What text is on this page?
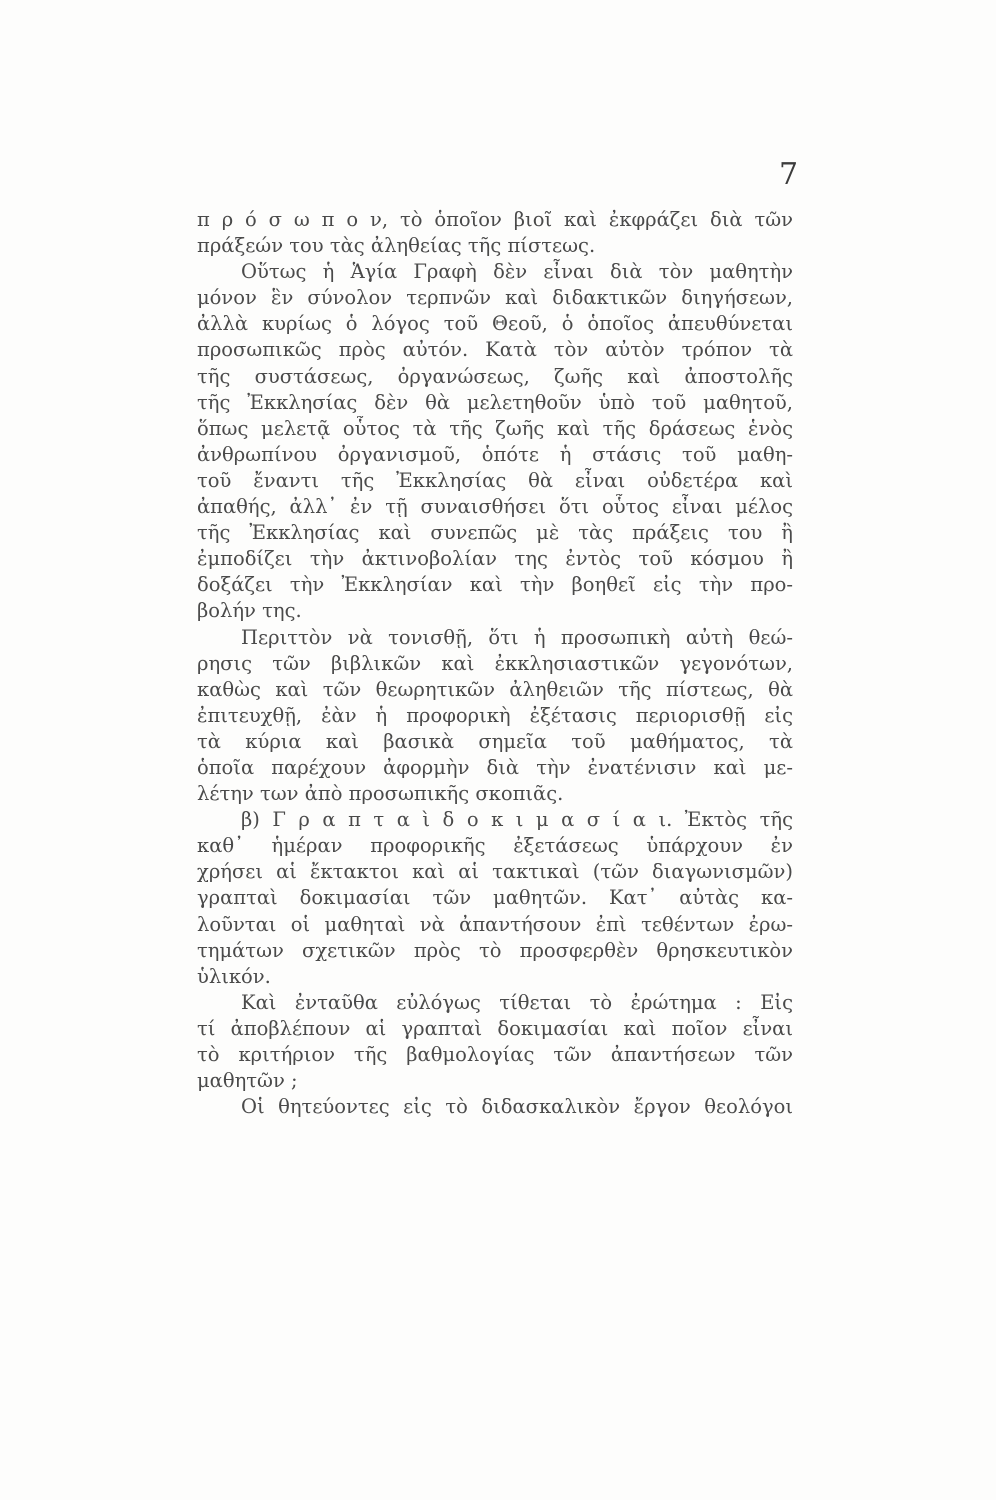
7
π ρ ό σ ω π ο ν, τὸ ὁποῖον βιοῖ καὶ ἐκφράζει διὰ τῶν
πράξεών του τὰς ἀληθείας τῆς πίστεως.
Οὕτως ἡ Ἁγία Γραφὴ δὲν εἶναι διὰ τὸν μαθητὴν
μόνον ἓν σύνολον τερπνῶν καὶ διδακτικῶν διηγήσεων,
ἀλλὰ κυρίως ὁ λόγος τοῦ Θεοῦ, ὁ ὁποῖος ἀπευθύνεται
προσωπικῶς πρὸς αὐτόν. Κατὰ τὸν αὐτὸν τρόπον τὰ
τῆς συστάσεως, ὀργανώσεως, ζωῆς καὶ ἀποστολῆς
τῆς Ἐκκλησίας δὲν θὰ μελετηθοῦν ὑπὸ τοῦ μαθητοῦ,
ὅπως μελετᾷ οὗτος τὰ τῆς ζωῆς καὶ τῆς δράσεως ἑνὸς
ἀνθρωπίνου ὀργανισμοῦ, ὁπότε ἡ στάσις τοῦ μαθη-
τοῦ ἔναντι τῆς Ἐκκλησίας θὰ εἶναι οὐδετέρα καὶ
ἀπαθής, ἀλλ᾽ ἐν τῇ συναισθήσει ὅτι οὗτος εἶναι μέλος
τῆς Ἐκκλησίας καὶ συνεπῶς μὲ τὰς πράξεις του ἢ
ἐμποδίζει τὴν ἀκτινοβολίαν της ἐντὸς τοῦ κόσμου ἢ
δοξάζει τὴν Ἐκκλησίαν καὶ τὴν βοηθεῖ εἰς τὴν προ-
βολήν της.
Περιττὸν νὰ τονισθῇ, ὅτι ἡ προσωπικὴ αὐτὴ θεώ-
ρησις τῶν βιβλικῶν καὶ ἐκκλησιαστικῶν γεγονότων,
καθὼς καὶ τῶν θεωρητικῶν ἀληθειῶν τῆς πίστεως, θὰ
ἐπιτευχθῇ, ἐὰν ἡ προφορικὴ ἐξέτασις περιορισθῇ εἰς
τὰ κύρια καὶ βασικὰ σημεῖα τοῦ μαθήματος, τὰ
ὁποῖα παρέχουν ἀφορμὴν διὰ τὴν ἐνατένισιν καὶ με-
λέτην των ἀπὸ προσωπικῆς σκοπιᾶς.
β) Γ ρ α π τ α ὶ δ ο κ ι μ α σ ί α ι. Ἐκτὸς τῆς
καθ᾽ ἡμέραν προφορικῆς ἐξετάσεως ὑπάρχουν ἐν
χρήσει αἱ ἔκτακτοι καὶ αἱ τακτικαὶ (τῶν διαγωνισμῶν)
γραπταὶ δοκιμασίαι τῶν μαθητῶν. Κατ᾽ αὐτὰς κα-
λοῦνται οἱ μαθηταὶ νὰ ἀπαντήσουν ἐπὶ τεθέντων ἐρω-
τημάτων σχετικῶν πρὸς τὸ προσφερθὲν θρησκευτικὸν
ὑλικόν.
Καὶ ἐνταῦθα εὐλόγως τίθεται τὸ ἐρώτημα : Εἰς
τί ἀποβλέπουν αἱ γραπταὶ δοκιμασίαι καὶ ποῖον εἶναι
τὸ κριτήριον τῆς βαθμολογίας τῶν ἀπαντήσεων τῶν
μαθητῶν ;
Οἱ θητεύοντες εἰς τὸ διδασκαλικὸν ἔργον θεολόγοι
